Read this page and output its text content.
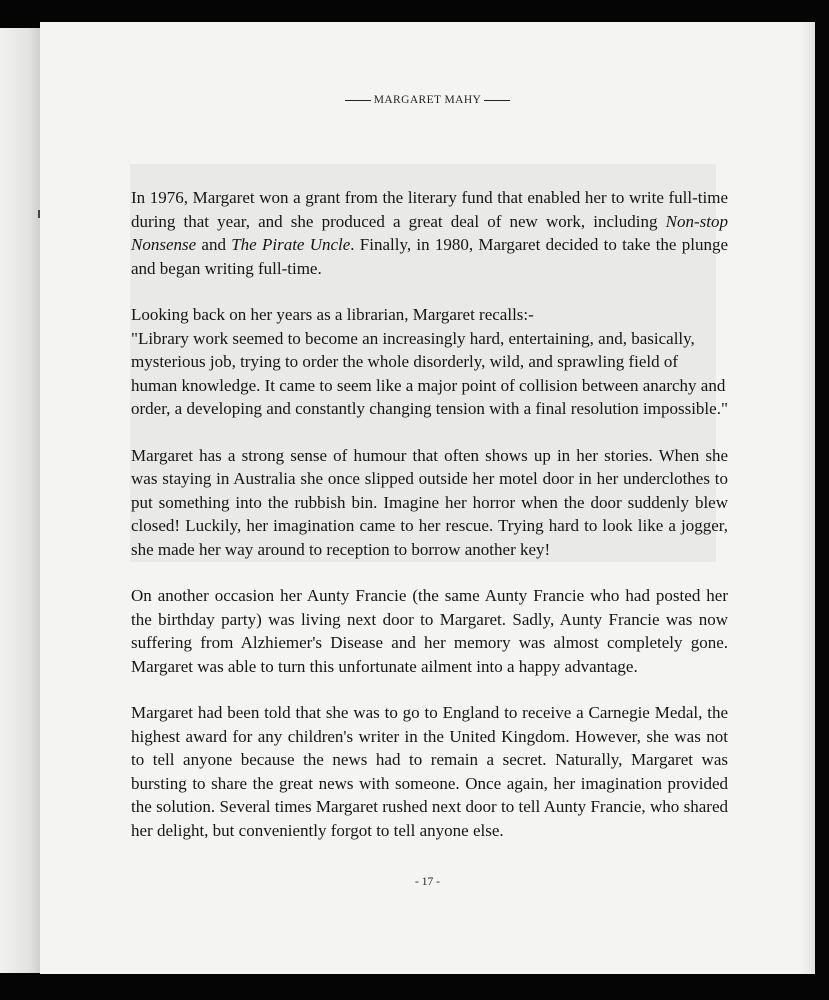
MARGARET MAHY

In 1976, Margaret won a grant from the literary fund that enabled her to write full-time during that year, and she produced a great deal of new work, including Non-stop Nonsense and The Pirate Uncle. Finally, in 1980, Margaret decided to take the plunge and began writing full-time.

Looking back on her years as a librarian, Margaret recalls:-
"Library work seemed to become an increasingly hard, entertaining, and, basically, mysterious job, trying to order the whole disorderly, wild, and sprawling field of human knowledge. It came to seem like a major point of collision between anarchy and order, a developing and constantly changing tension with a final resolution impossible."

Margaret has a strong sense of humour that often shows up in her stories. When she was staying in Australia she once slipped outside her motel door in her underclothes to put something into the rubbish bin. Imagine her horror when the door suddenly blew closed! Luckily, her imagination came to her rescue. Trying hard to look like a jogger, she made her way around to reception to borrow another key!

On another occasion her Aunty Francie (the same Aunty Francie who had posted her the birthday party) was living next door to Margaret. Sadly, Aunty Francie was now suffering from Alzhiemer's Disease and her memory was almost completely gone. Margaret was able to turn this unfortunate ailment into a happy advantage.

Margaret had been told that she was to go to England to receive a Carnegie Medal, the highest award for any children's writer in the United Kingdom. However, she was not to tell anyone because the news had to remain a secret. Naturally, Margaret was bursting to share the great news with someone. Once again, her imagination provided the solution. Several times Margaret rushed next door to tell Aunty Francie, who shared her delight, but conveniently forgot to tell anyone else.

- 17 -
